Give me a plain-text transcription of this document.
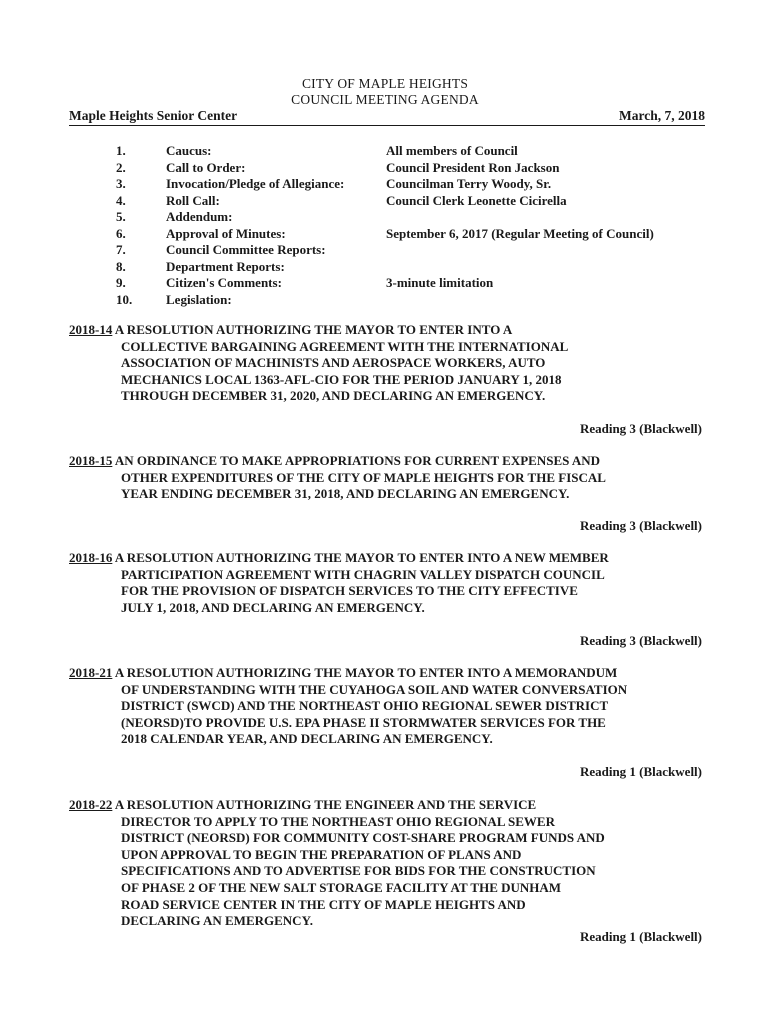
CITY OF MAPLE HEIGHTS
COUNCIL MEETING AGENDA
Maple Heights Senior Center	March, 7, 2018
1.	Caucus:	All members of Council
2.	Call to Order:	Council President Ron Jackson
3.	Invocation/Pledge of Allegiance:	Councilman Terry Woody, Sr.
4.	Roll Call:	Council Clerk Leonette Cicirella
5.	Addendum:
6.	Approval of Minutes:	September 6, 2017 (Regular Meeting of Council)
7.	Council Committee Reports:
8.	Department Reports:
9.	Citizen's Comments:	3-minute limitation
10.	Legislation:
2018-14 A RESOLUTION AUTHORIZING THE MAYOR TO ENTER INTO A
COLLECTIVE BARGAINING AGREEMENT WITH THE INTERNATIONAL
ASSOCIATION OF MACHINISTS AND AEROSPACE WORKERS, AUTO
MECHANICS LOCAL 1363-AFL-CIO FOR THE PERIOD JANUARY 1, 2018
THROUGH DECEMBER 31, 2020, AND DECLARING AN EMERGENCY.
Reading 3 (Blackwell)
2018-15 AN ORDINANCE TO MAKE APPROPRIATIONS FOR CURRENT EXPENSES AND
OTHER EXPENDITURES OF THE CITY OF MAPLE HEIGHTS FOR THE FISCAL
YEAR ENDING DECEMBER 31, 2018, AND DECLARING AN EMERGENCY.
Reading 3 (Blackwell)
2018-16 A RESOLUTION AUTHORIZING THE MAYOR TO ENTER INTO A NEW MEMBER
PARTICIPATION AGREEMENT WITH CHAGRIN VALLEY DISPATCH COUNCIL
FOR THE PROVISION OF DISPATCH SERVICES TO THE CITY EFFECTIVE
JULY 1, 2018, AND DECLARING AN EMERGENCY.
Reading 3 (Blackwell)
2018-21 A RESOLUTION AUTHORIZING THE MAYOR TO ENTER INTO A MEMORANDUM
OF UNDERSTANDING WITH THE CUYAHOGA SOIL AND WATER CONVERSATION
DISTRICT (SWCD) AND THE NORTHEAST OHIO REGIONAL SEWER DISTRICT
(NEORSD)TO PROVIDE U.S. EPA PHASE II STORMWATER SERVICES FOR THE
2018 CALENDAR YEAR, AND DECLARING AN EMERGENCY.
Reading 1 (Blackwell)
2018-22 A RESOLUTION AUTHORIZING THE ENGINEER AND THE SERVICE
DIRECTOR TO APPLY TO THE NORTHEAST OHIO REGIONAL SEWER
DISTRICT (NEORSD) FOR COMMUNITY COST-SHARE PROGRAM FUNDS AND
UPON APPROVAL TO BEGIN THE PREPARATION OF PLANS AND
SPECIFICATIONS AND TO ADVERTISE FOR BIDS FOR THE CONSTRUCTION
OF PHASE 2 OF THE NEW SALT STORAGE FACILITY AT THE DUNHAM
ROAD SERVICE CENTER IN THE CITY OF MAPLE HEIGHTS AND
DECLARING AN EMERGENCY.
Reading 1 (Blackwell)
